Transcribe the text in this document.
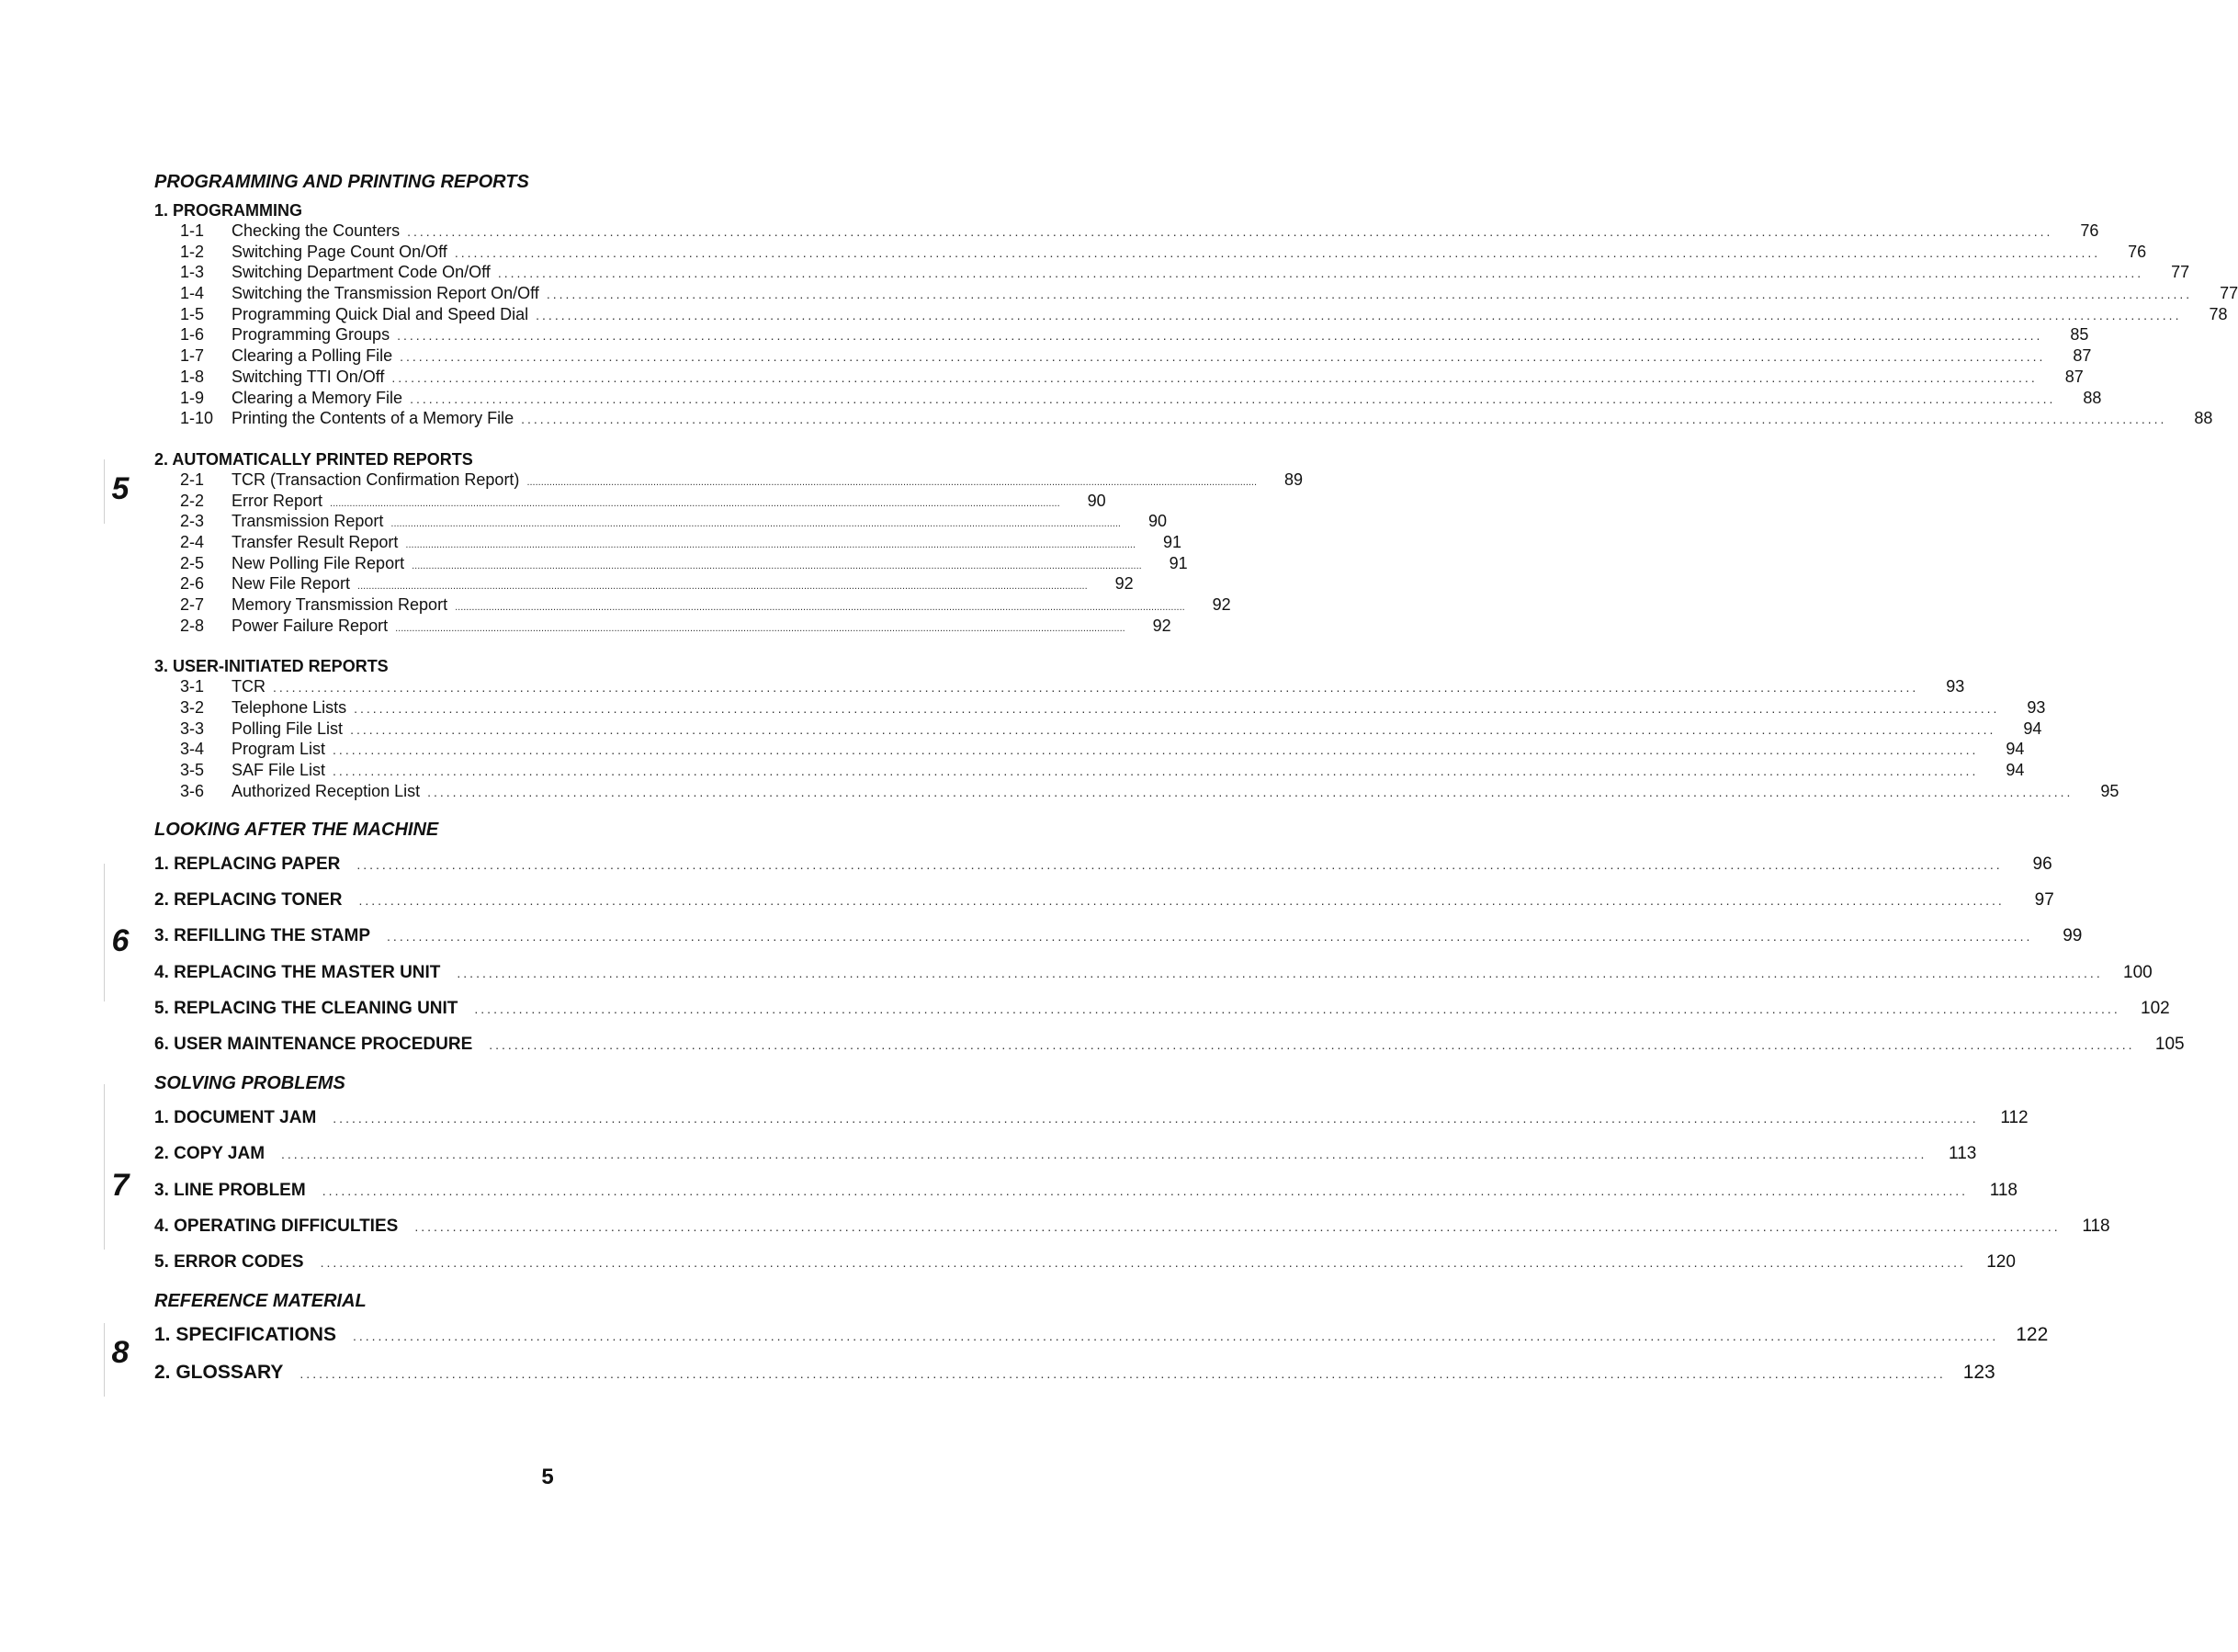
PROGRAMMING AND PRINTING REPORTS
1. PROGRAMMING
1-1	Checking the Counters ....................................................................................................................................................................................................................................................................	76
1-2	Switching Page Count On/Off ....................................................................................................................................................................................................................................................................	76
1-3	Switching Department Code On/Off ....................................................................................................................................................................................................................................................................	77
1-4	Switching the Transmission Report On/Off ....................................................................................................................................................................................................................................................................	77
1-5	Programming Quick Dial and Speed Dial ....................................................................................................................................................................................................................................................................	78
1-6	Programming Groups ....................................................................................................................................................................................................................................................................	85
1-7	Clearing a Polling File ....................................................................................................................................................................................................................................................................	87
1-8	Switching TTI On/Off ....................................................................................................................................................................................................................................................................	87
1-9	Clearing a Memory File ....................................................................................................................................................................................................................................................................	88
1-10	Printing the Contents of a Memory File ....................................................................................................................................................................................................................................................................	88
2. AUTOMATICALLY PRINTED REPORTS
2-1	TCR (Transaction Confirmation Report) ....................................................................................................................................................................................................................................................................	89
2-2	Error Report ....................................................................................................................................................................................................................................................................	90
2-3	Transmission Report ....................................................................................................................................................................................................................................................................	90
2-4	Transfer Result Report ....................................................................................................................................................................................................................................................................	91
2-5	New Polling File Report ....................................................................................................................................................................................................................................................................	91
2-6	New File Report ....................................................................................................................................................................................................................................................................	92
2-7	Memory Transmission Report ....................................................................................................................................................................................................................................................................	92
2-8	Power Failure Report ....................................................................................................................................................................................................................................................................	92
3. USER-INITIATED REPORTS
3-1	TCR ....................................................................................................................................................................................................................................................................	93
3-2	Telephone Lists ....................................................................................................................................................................................................................................................................	93
3-3	Polling File List ....................................................................................................................................................................................................................................................................	94
3-4	Program List ....................................................................................................................................................................................................................................................................	94
3-5	SAF File List ....................................................................................................................................................................................................................................................................	94
3-6	Authorized Reception List ....................................................................................................................................................................................................................................................................	95
LOOKING AFTER THE MACHINE
1. REPLACING PAPER	....................................................................................................................................................................................................................................................................	96
2. REPLACING TONER	....................................................................................................................................................................................................................................................................	97
3. REFILLING THE STAMP	....................................................................................................................................................................................................................................................................	99
4. REPLACING THE MASTER UNIT	....................................................................................................................................................................................................................................................................	100
5. REPLACING THE CLEANING UNIT	....................................................................................................................................................................................................................................................................	102
6. USER MAINTENANCE PROCEDURE	....................................................................................................................................................................................................................................................................	105
SOLVING PROBLEMS
1. DOCUMENT JAM	....................................................................................................................................................................................................................................................................	112
2. COPY JAM	....................................................................................................................................................................................................................................................................	113
3. LINE PROBLEM	....................................................................................................................................................................................................................................................................	118
4. OPERATING DIFFICULTIES	....................................................................................................................................................................................................................................................................	118
5. ERROR CODES	....................................................................................................................................................................................................................................................................	120
REFERENCE MATERIAL
1. SPECIFICATIONS	.................................................................................................................................................................................................................................................................... 122
2. GLOSSARY	.................................................................................................................................................................................................................................................................... 123
5
6
7
8
5
